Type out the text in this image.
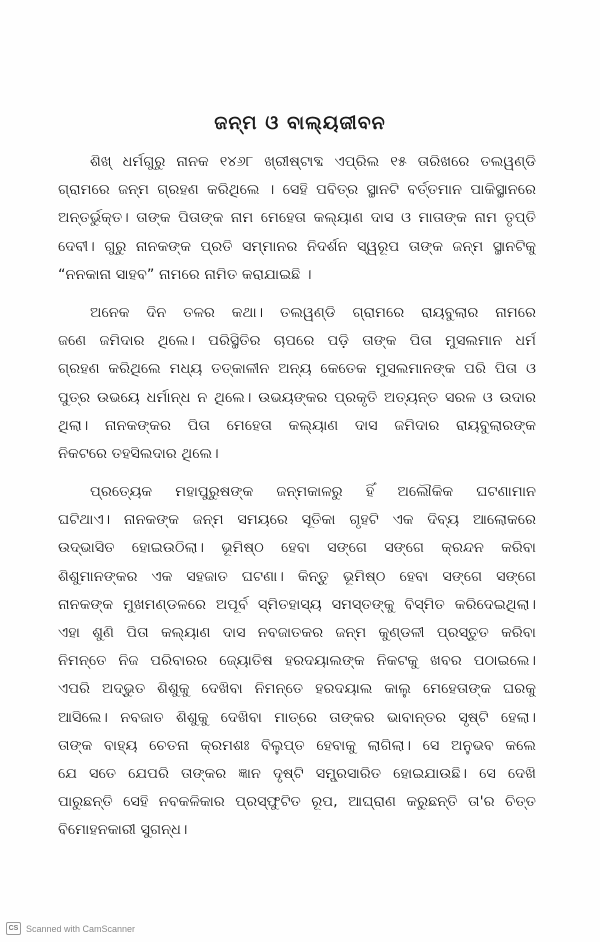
ଜନ୍ମ ଓ ବାଲ୍ୟଜୀବନ
ଶିଖ୍ ଧର୍ମଗୁରୁ ନାନକ ୧୪୬୮ ଖ୍ରୀଷ୍ଟାବ୍ଦ ଏପ୍ରିଲ ୧୫ ତାରିଖରେ ତଲୱଣ୍ଡି
ଗ୍ରାମରେ ଜନ୍ମ ଗ୍ରହଣ କରିଥିଲେ । ସେହି ପବିତ୍ର ସ୍ଥାନଟି ବର୍ତ୍ତମାନ ପାକିସ୍ଥାନରେ
ଅନ୍ତର୍ଭୁକ୍ତ। ତାଙ୍କ ପିତାଙ୍କ ନାମ ମେହେତା କଲ୍ୟାଣ ଦାସ ଓ ମାତାଙ୍କ ନାମ ତୃପ୍ତି
ଦେବୀ। ଗୁରୁ ନାନକଙ୍କ ପ୍ରତି ସମ୍ମାନର ନିଦର୍ଶନ ସ୍ୱରୂପ ତାଙ୍କ ଜନ୍ମ ସ୍ଥାନଟିକୁ
“ନନକାନା ସାହବ” ନାମରେ ନାମିତ କରାଯାଇଛି ।
ଅନେକ ଦିନ ତଳର କଥା। ତଲୱଣ୍ଡି ଗ୍ରାମରେ ରାୟବୁଲାର ନାମରେ
ଜଣେ ଜମିଦାର ଥିଲେ। ପରିସ୍ଥିତିର ଚାପରେ ପଡ଼ି ତାଙ୍କ ପିତା ମୁସଲମାନ ଧର୍ମ
ଗ୍ରହଣ କରିଥିଲେ ମଧ୍ୟ ତତ୍କାଳୀନ ଅନ୍ୟ କେତେକ ମୁସଲମାନଙ୍କ ପରି ପିତା ଓ
ପୁତ୍ର ଉଭୟେ ଧର୍ମାନ୍ଧ ନ ଥିଲେ। ଉଭୟଙ୍କର ପ୍ରକୃତି ଅତ୍ୟନ୍ତ ସରଳ ଓ ଉଦାର
ଥିଲା। ନାନକଙ୍କର ପିତା ମେହେତା କଲ୍ୟାଣ ଦାସ ଜମିଦାର ରାୟବୁଲାରଙ୍କ
ନିକଟରେ ତହସିଲଦାର ଥିଲେ।
ପ୍ରତ୍ୟେକ ମହାପୁରୁଷଙ୍କ ଜନ୍ମକାଳରୁ ହିଁ ଅଲୌକିକ ଘଟଣାମାନ
ଘଟିଥାଏ। ନାନକଙ୍କ ଜନ୍ମ ସମୟରେ ସୂତିକା ଗୃହଟି ଏକ ଦିବ୍ୟ ଆଲୋକରେ
ଉଦ୍ଭାସିତ ହୋଇଉଠିଲା। ଭୂମିଷ୍ଠ ହେବା ସଙ୍ଗେ ସଙ୍ଗେ କ୍ରନ୍ଦନ କରିବା
ଶିଶୁମାନଙ୍କର ଏକ ସହଜାତ ଘଟଣା। କିନ୍ତୁ ଭୂମିଷ୍ଠ ହେବା ସଙ୍ଗେ ସଙ୍ଗେ
ନାନକଙ୍କ ମୁଖମଣ୍ଡଳରେ ଅପୂର୍ବ ସ୍ମିତହାସ୍ୟ ସମସ୍ତଙ୍କୁ ବିସ୍ମିତ କରିଦେଇଥିଲା।
ଏହା ଶୁଣି ପିତା କଲ୍ୟାଣ ଦାସ ନବଜାତକର ଜନ୍ମ କୁଣ୍ଡଳୀ ପ୍ରସ୍ତୁତ କରିବା
ନିମନ୍ତେ ନିଜ ପରିବାରର ଜ୍ୟୋତିଷ ହରଦୟାଲଙ୍କ ନିକଟକୁ ଖବର ପଠାଇଲେ।
ଏପରି ଅଦ୍ଭୁତ ଶିଶୁକୁ ଦେଖିବା ନିମନ୍ତେ ହରଦୟାଲ କାଲୁ ମେହେତାଙ୍କ ଘରକୁ
ଆସିଲେ। ନବଜାତ ଶିଶୁକୁ ଦେଖିବା ମାତ୍ରେ ତାଙ୍କର ଭାବାନ୍ତର ସୃଷ୍ଟି ହେଲା।
ତାଙ୍କ ବାହ୍ୟ ଚେତନା କ୍ରମଶଃ ବିଲୁପ୍ତ ହେବାକୁ ଲାଗିଲା। ସେ ଅନୁଭବ କଲେ
ଯେ ସତେ ଯେପରି ତାଙ୍କର ଜ୍ଞାନ ଦୃଷ୍ଟି ସମ୍ପ୍ରସାରିତ ହୋଇଯାଉଛି। ସେ ଦେଖି
ପାରୁଛନ୍ତି ସେହି ନବକଳିକାର ପ୍ରସ୍ଫୁଟିତ ରୂପ, ଆଘ୍ରାଣ କରୁଛନ୍ତି ତା'ର ଚିତ୍ତ
ବିମୋହନକାରୀ ସୁଗନ୍ଧ।
CS Scanned with CamScanner
